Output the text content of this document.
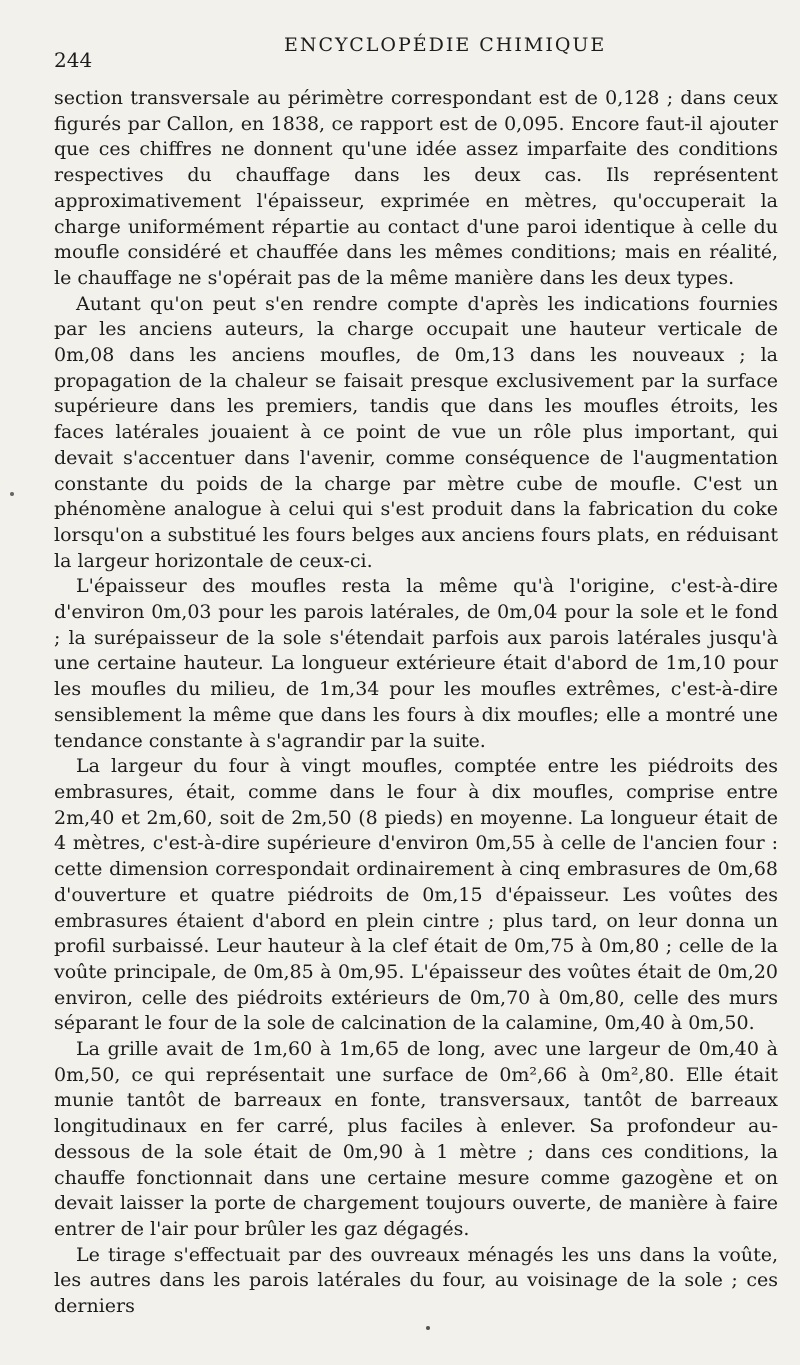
244
ENCYCLOPÉDIE CHIMIQUE

section transversale au périmètre correspondant est de 0,128 ; dans ceux figurés par Callon, en 1838, ce rapport est de 0,095. Encore faut-il ajouter que ces chiffres ne donnent qu'une idée assez imparfaite des conditions respectives du chauffage dans les deux cas. Ils représentent approximativement l'épaisseur, exprimée en mètres, qu'occuperait la charge uniformément répartie au contact d'une paroi identique à celle du moufle considéré et chauffée dans les mêmes conditions; mais en réalité, le chauffage ne s'opérait pas de la même manière dans les deux types.

Autant qu'on peut s'en rendre compte d'après les indications fournies par les anciens auteurs, la charge occupait une hauteur verticale de 0m,08 dans les anciens moufles, de 0m,13 dans les nouveaux ; la propagation de la chaleur se faisait presque exclusivement par la surface supérieure dans les premiers, tandis que dans les moufles étroits, les faces latérales jouaient à ce point de vue un rôle plus important, qui devait s'accentuer dans l'avenir, comme conséquence de l'augmentation constante du poids de la charge par mètre cube de moufle. C'est un phénomène analogue à celui qui s'est produit dans la fabrication du coke lorsqu'on a substitué les fours belges aux anciens fours plats, en réduisant la largeur horizontale de ceux-ci.

L'épaisseur des moufles resta la même qu'à l'origine, c'est-à-dire d'environ 0m,03 pour les parois latérales, de 0m,04 pour la sole et le fond ; la surépaisseur de la sole s'étendait parfois aux parois latérales jusqu'à une certaine hauteur. La longueur extérieure était d'abord de 1m,10 pour les moufles du milieu, de 1m,34 pour les moufles extrêmes, c'est-à-dire sensiblement la même que dans les fours à dix moufles; elle a montré une tendance constante à s'agrandir par la suite.

La largeur du four à vingt moufles, comptée entre les piédroits des embrasures, était, comme dans le four à dix moufles, comprise entre 2m,40 et 2m,60, soit de 2m,50 (8 pieds) en moyenne. La longueur était de 4 mètres, c'est-à-dire supérieure d'environ 0m,55 à celle de l'ancien four : cette dimension correspondait ordinairement à cinq embrasures de 0m,68 d'ouverture et quatre piédroits de 0m,15 d'épaisseur. Les voûtes des embrasures étaient d'abord en plein cintre ; plus tard, on leur donna un profil surbaissé. Leur hauteur à la clef était de 0m,75 à 0m,80 ; celle de la voûte principale, de 0m,85 à 0m,95. L'épaisseur des voûtes était de 0m,20 environ, celle des piédroits extérieurs de 0m,70 à 0m,80, celle des murs séparant le four de la sole de calcination de la calamine, 0m,40 à 0m,50.

La grille avait de 1m,60 à 1m,65 de long, avec une largeur de 0m,40 à 0m,50, ce qui représentait une surface de 0m²,66 à 0m²,80. Elle était munie tantôt de barreaux en fonte, transversaux, tantôt de barreaux longitudinaux en fer carré, plus faciles à enlever. Sa profondeur au-dessous de la sole était de 0m,90 à 1 mètre ; dans ces conditions, la chauffe fonctionnait dans une certaine mesure comme gazogène et on devait laisser la porte de chargement toujours ouverte, de manière à faire entrer de l'air pour brûler les gaz dégagés.

Le tirage s'effectuait par des ouvreaux ménagés les uns dans la voûte, les autres dans les parois latérales du four, au voisinage de la sole ; ces derniers
